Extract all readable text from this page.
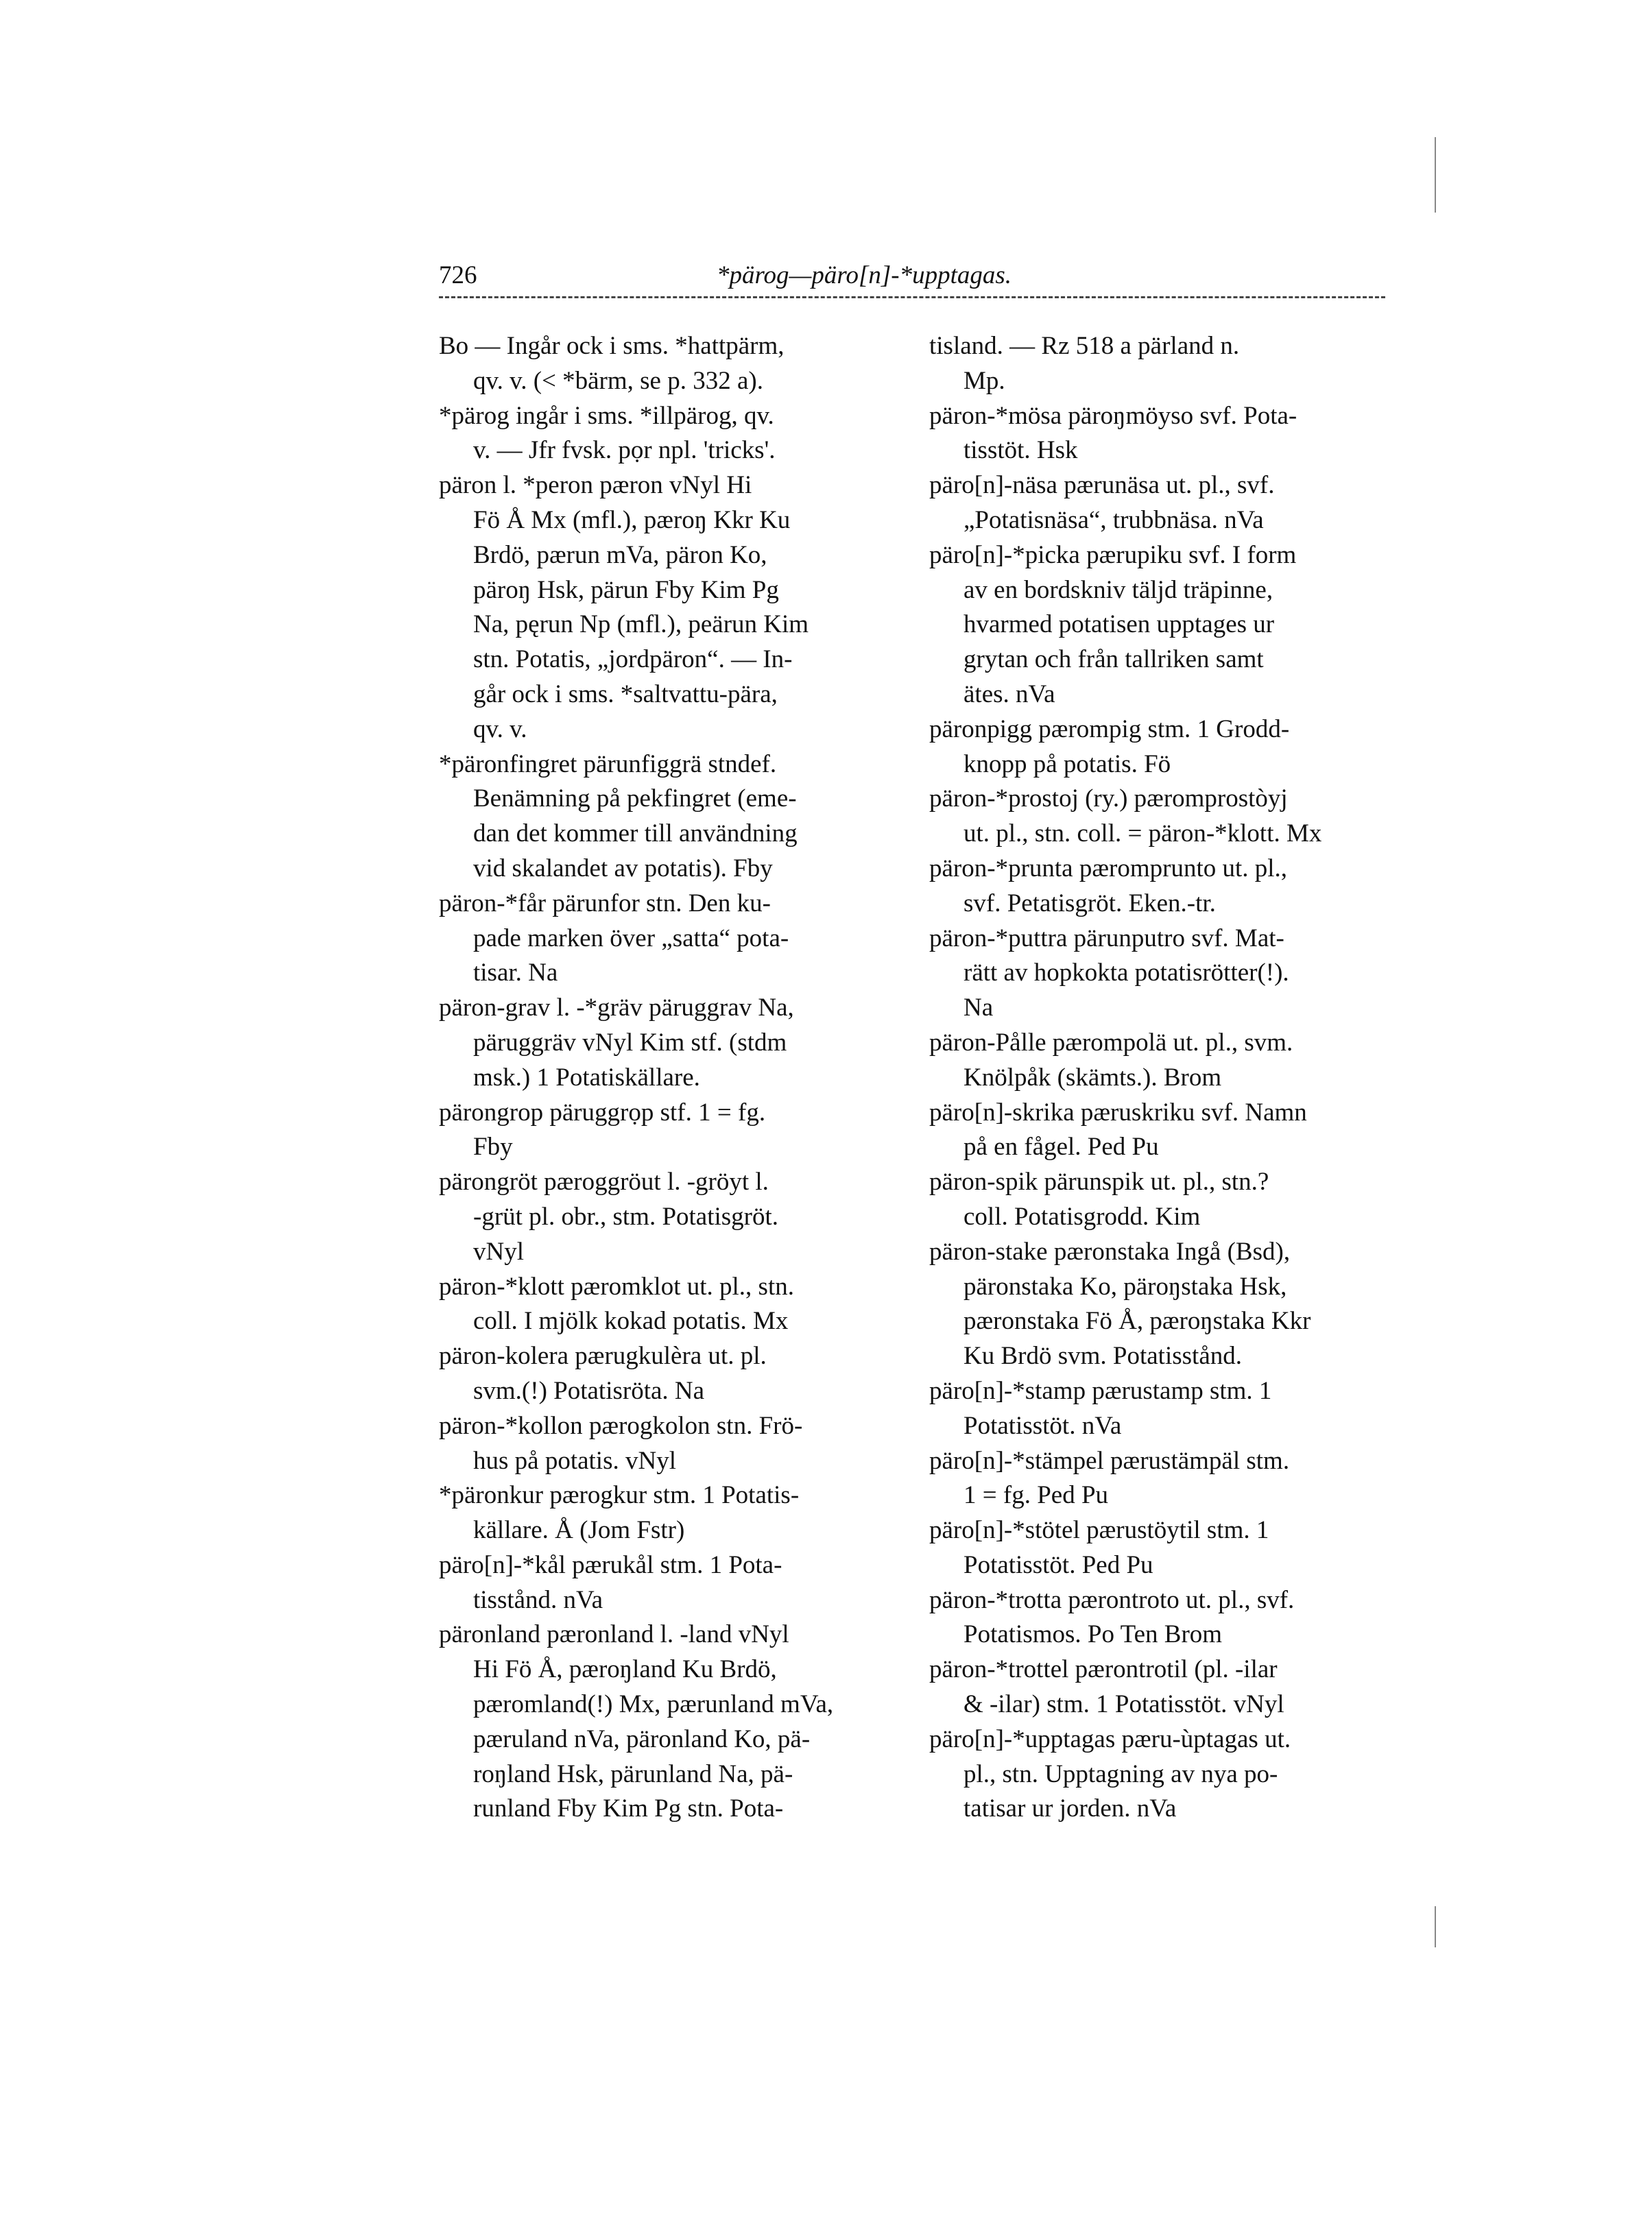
726	*pärog—päro[n]-*upptagas.
Bo — Ingår ock i sms. *hattpärm,
qv. v. (< *bärm, se p. 332 a).
*pärog ingår i sms. *illpärog, qv.
v. — Jfr fvsk. pọr npl. 'tricks'.
päron l. *peron pæron vNyl Hi
Fö Å Mx (mfl.), pæroŋ Kkr Ku
Brdö, pærun mVa, päron Ko,
päroŋ Hsk, pärun Fby Kim Pg
Na, pęrun Np (mfl.), peärun Kim
stn. Potatis, „jordpäron“. — In-
går ock i sms. *saltvattu-pära,
qv. v.
*päronfingret pärunfiggrä stndef.
Benämning på pekfingret (eme-
dan det kommer till användning
vid skalandet av potatis). Fby
päron-*får pärunfor stn. Den ku-
pade marken över „satta“ pota-
tisar. Na
päron-grav l. -*gräv päruggrav Na,
päruggräv vNyl Kim stf. (stdm
msk.) 1 Potatiskällare.
pärongrop päruggrọp stf. 1 = fg.
Fby
pärongröt pæroggröut l. -gröyt l.
-grüt pl. obr., stm. Potatisgröt.
vNyl
päron-*klott pæromklot ut. pl., stn.
coll. I mjölk kokad potatis. Mx
päron-kolera pærugkulèra ut. pl.
svm.(!) Potatisröta. Na
päron-*kollon pærogkolon stn. Frö-
hus på potatis. vNyl
*päronkur pærogkur stm. 1 Potatis-
källare. Å (Jom Fstr)
päro[n]-*kål pærukål stm. 1 Pota-
tisstånd. nVa
päronland pæronland l. -land vNyl
Hi Fö Å, pæroŋland Ku Brdö,
pæromland(!) Mx, pærunland mVa,
pæruland nVa, päronland Ko, pä-
roŋland Hsk, pärunland Na, pä-
runland Fby Kim Pg stn. Pota-
tisland. — Rz 518 a pärland n.
Mp.
päron-*mösa päroŋmöyso svf. Pota-
tisstöt. Hsk
päro[n]-näsa pærunäsa ut. pl., svf.
„Potatisnäsa“, trubbnäsa. nVa
päro[n]-*picka pærupiku svf. I form
av en bordskniv täljd träpinne,
hvarmed potatisen upptages ur
grytan och från tallriken samt
ätes. nVa
päronpigg pærompig stm. 1 Grodd-
knopp på potatis. Fö
päron-*prostoj (ry.) pæromprostòyj
ut. pl., stn. coll. = päron-*klott. Mx
päron-*prunta pæromprunto ut. pl.,
svf. Petatisgröt. Eken.-tr.
päron-*puttra pärunputro svf. Mat-
rätt av hopkokta potatisrötter(!).
Na
päron-Pålle pærompolä ut. pl., svm.
Knölpåk (skämts.). Brom
päro[n]-skrika pæruskriku svf. Namn
på en fågel. Ped Pu
päron-spik pärunspik ut. pl., stn.?
coll. Potatisgrodd. Kim
päron-stake pæronstaka Ingå (Bsd),
päronstaka Ko, päroŋstaka Hsk,
pæronstaka Fö Å, pæroŋstaka Kkr
Ku Brdö svm. Potatisstånd.
päro[n]-*stamp pærustamp stm. 1
Potatisstöt. nVa
päro[n]-*stämpel pærustämpäl stm.
1 = fg. Ped Pu
päro[n]-*stötel pærustöytil stm. 1
Potatisstöt. Ped Pu
päron-*trotta pærontroto ut. pl., svf.
Potatismos. Po Ten Brom
päron-*trottel pærontrotil (pl. -ilar
& -ilar) stm. 1 Potatisstöt. vNyl
päro[n]-*upptagas pæru-ùptagas ut.
pl., stn. Upptagning av nya po-
tatisar ur jorden. nVa
